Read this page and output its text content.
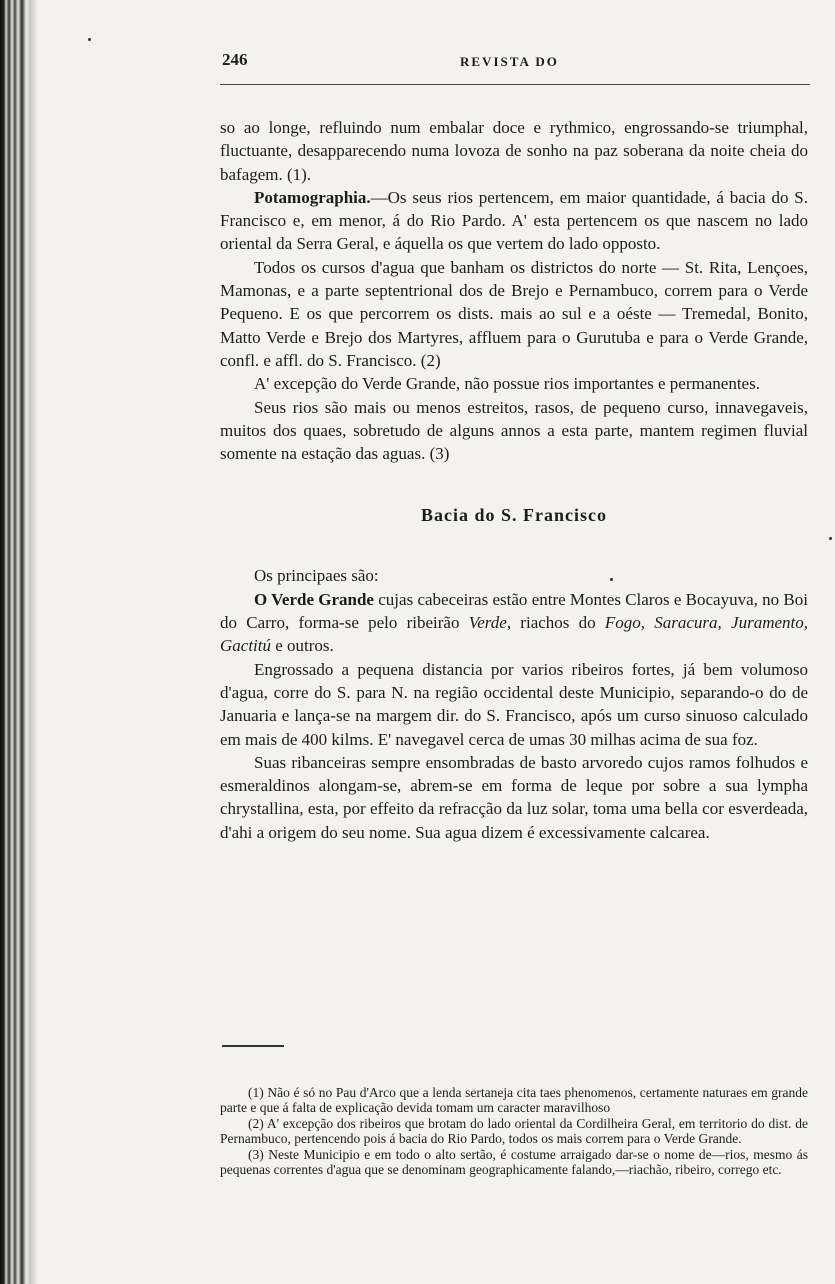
246	REVISTA DO

so ao longe, refluindo num embalar doce e rythmico, engrossando-se triumphal, fluctuante, desapparecendo numa lovoza de sonho na paz soberana da noite cheia do bafagem. (1).

Potamographia.—Os seus rios pertencem, em maior quantidade, á bacia do S. Francisco e, em menor, á do Rio Pardo. A' esta pertencem os que nascem no lado oriental da Serra Geral, e áquella os que vertem do lado opposto.

Todos os cursos d'agua que banham os districtos do norte — St. Rita, Lençoes, Mamonas, e a parte septentrional dos de Brejo e Pernambuco, correm para o Verde Pequeno. E os que percorrem os dists. mais ao sul e a oéste — Tremedal, Bonito, Matto Verde e Brejo dos Martyres, affluem para o Gurutuba e para o Verde Grande, confl. e affl. do S. Francisco. (2)

A' excepção do Verde Grande, não possue rios importantes e permanentes.

Seus rios são mais ou menos estreitos, rasos, de pequeno curso, innavegaveis, muitos dos quaes, sobretudo de alguns annos a esta parte, mantem regimen fluvial somente na estação das aguas. (3)

Bacia do S. Francisco

Os principaes são:

O Verde Grande cujas cabeceiras estão entre Montes Claros e Bocayuva, no Boi do Carro, forma-se pelo ribeirão Verde, riachos do Fogo, Saracura, Juramento, Gactitú e outros.

Engrossado a pequena distancia por varios ribeiros fortes, já bem volumoso d'agua, corre do S. para N. na região occidental deste Municipio, separando-o do de Januaria e lança-se na margem dir. do S. Francisco, após um curso sinuoso calculado em mais de 400 kilms. E' navegavel cerca de umas 30 milhas acima de sua foz.

Suas ribanceiras sempre ensombradas de basto arvoredo cujos ramos folhudos e esmeraldinos alongam-se, abrem-se em forma de leque por sobre a sua lympha chrystallina, esta, por effeito da refracção da luz solar, toma uma bella cor esverdeada, d'ahi a origem do seu nome. Sua agua dizem é excessivamente calcarea.

(1) Não é só no Pau d'Arco que a lenda sertaneja cita taes phenomenos, certamente naturaes em grande parte e que á falta de explicação devida tomam um caracter maravilhoso

(2) A' excepção dos ribeiros que brotam do lado oriental da Cordilheira Geral, em territorio do dist. de Pernambuco, pertencendo pois á bacia do Rio Pardo, todos os mais correm para o Verde Grande.

(3) Neste Municipio e em todo o alto sertão, é costume arraigado dar-se o nome de—rios, mesmo ás pequenas correntes d'agua que se denominam geographicamente falando,—riachão, ribeiro, corrego etc.
